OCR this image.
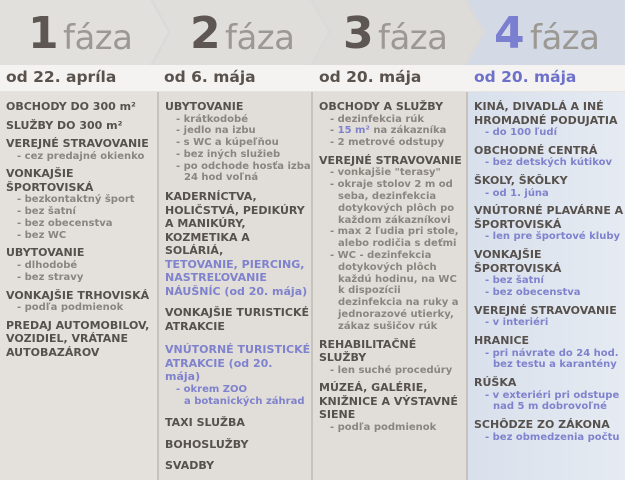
1 fáza 2 fáza 3 fáza 4 fáza
od 22. apríla	od 6. mája	od 20. mája	od 20. mája
OBCHODY DO 300 m²
SLUŽBY DO 300 m²
VEREJNÉ STRAVOVANIE
- cez predajné okienko
VONKAJŠIE ŠPORTOVISKÁ
- bezkontaktný šport
- bez šatní
- bez obecenstva
- bez WC
UBYTOVANIE
- dlhodobé
- bez stravy
VONKAJŠIE TRHOVISKÁ
- podľa podmienok
PREDAJ AUTOMOBILOV, VOZIDIEL, VRÁTANE AUTOBAZÁROV
UBYTOVANIE
- krátkodobé
- jedlo na izbu
- s WC a kúpeľňou
- bez iných služieb
- po odchode hosťa izba 24 hod voľná
KADERNÍCTVA, HOLIČSTVÁ, PEDIKÚRY A MANIKÚRY, KOZMETIKA A SOLÁRIÁ,
TETOVANIE, PIERCING, NASTREĽOVANIE NÁUŠNÍC (od 20. mája)
VONKAJŠIE TURISTICKÉ ATRAKCIE
VNÚTORNÉ TURISTICKÉ ATRAKCIE (od 20. mája)
- okrem ZOO
a botanických záhrad
TAXI SLUŽBA
BOHOSLUŽBY
SVADBY
OBCHODY A SLUŽBY
- dezinfekcia rúk
- 15 m² na zákazníka
- 2 metrové odstupy
VEREJNÉ STRAVOVANIE
- vonkajšie "terasy"
- okraje stolov 2 m od seba, dezinfekcia dotykových plôch po každom zákazníkovi
- max 2 ľudia pri stole, alebo rodičia s deťmi
- WC - dezinfekcia dotykových plôch každú hodinu, na WC k dispozícii dezinfekcia na ruky a jednorazové utierky, zákaz sušičov rúk
REHABILITAČNÉ SLUŽBY
- len suché procedúry
MÚZEÁ, GALÉRIE, KNIŽNICE A VÝSTAVNÉ SIENE
- podľa podmienok
KINÁ, DIVADLÁ A INÉ HROMADNÉ PODUJATIA
- do 100 ľudí
OBCHODNÉ CENTRÁ
- bez detských kútikov
ŠKOLY, ŠKÔLKY
- od 1. júna
VNÚTORNÉ PLAVÁRNE A ŠPORTOVISKÁ
- len pre športové kluby
VONKAJŠIE ŠPORTOVISKÁ
- bez šatní
- bez obecenstva
VEREJNÉ STRAVOVANIE
- v interiéri
HRANICE
- pri návrate do 24 hod. bez testu a karantény
RÚŠKA
- v exteriéri pri odstupe nad 5 m dobrovoľné
SCHÔDZE ZO ZÁKONA
- bez obmedzenia počtu
